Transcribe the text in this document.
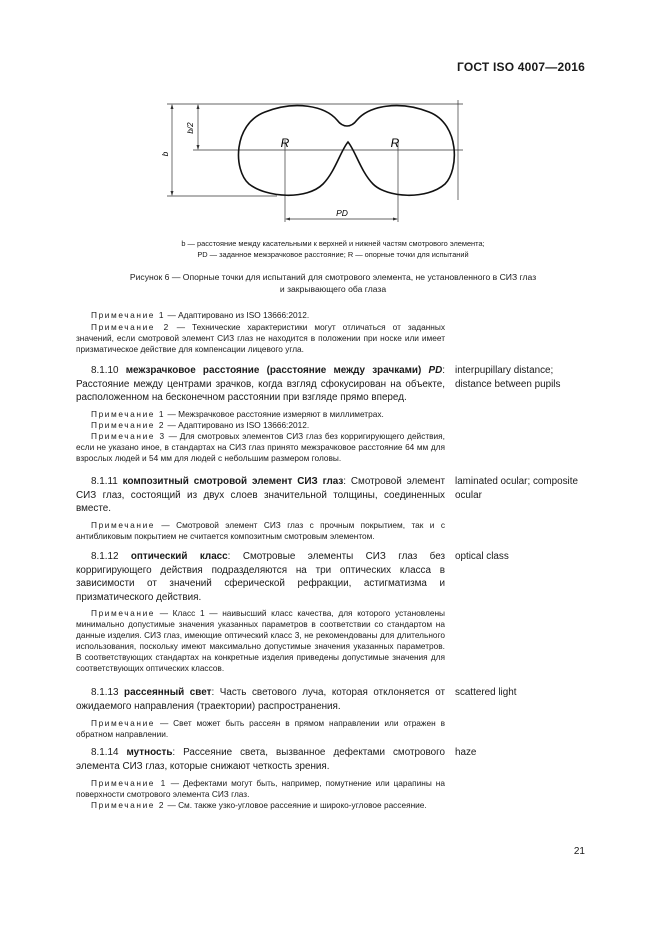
ГОСТ ISO 4007—2016
b
b/2
R	R
PD
b — расстояние между касательными к верхней и нижней частям смотрового элемента;
PD — заданное межзрачковое расстояние; R — опорные точки для испытаний
Рисунок 6 — Опорные точки для испытаний для смотрового элемента, не установленного в СИЗ глаз
и закрывающего оба глаза
Примечание 1 — Адаптировано из ISO 13666:2012.
Примечание 2 — Технические характеристики могут отличаться от заданных значений, если смотровой элемент СИЗ глаз не находится в положении при носке или имеет призматическое действие для компенсации лицевого угла.
8.1.10 межзрачковое расстояние (расстояние между зрачками) PD: Расстояние между центрами зрачков, когда взгляд сфокусирован на объекте, расположенном на бесконечном расстоянии при взгляде прямо вперед.
interpupillary distance; distance between pupils
Примечание 1 — Межзрачковое расстояние измеряют в миллиметрах.
Примечание 2 — Адаптировано из ISO 13666:2012.
Примечание 3 — Для смотровых элементов СИЗ глаз без корригирующего действия, если не указано иное, в стандартах на СИЗ глаз принято межзрачковое расстояние 64 мм для взрослых людей и 54 мм для людей с небольшим размером головы.
8.1.11 композитный смотровой элемент СИЗ глаз: Смотровой элемент СИЗ глаз, состоящий из двух слоев значительной толщины, соединенных вместе.
laminated ocular; composite ocular
Примечание — Смотровой элемент СИЗ глаз с прочным покрытием, так и с антибликовым покрытием не считается композитным смотровым элементом.
8.1.12 оптический класс: Смотровые элементы СИЗ глаз без корригирующего действия подразделяются на три оптических класса в зависимости от значений сферической рефракции, астигматизма и призматического действия.
optical class
Примечание — Класс 1 — наивысший класс качества, для которого установлены минимально допустимые значения указанных параметров в соответствии со стандартом на данные изделия. СИЗ глаз, имеющие оптический класс 3, не рекомендованы для длительного использования, поскольку имеют максимально допустимые значения указанных параметров. В соответствующих стандартах на конкретные изделия приведены допустимые значения для соответствующих оптических классов.
8.1.13 рассеянный свет: Часть светового луча, которая отклоняется от ожидаемого направления (траектории) распространения.
scattered light
Примечание — Свет может быть рассеян в прямом направлении или отражен в обратном направлении.
8.1.14 мутность: Рассеяние света, вызванное дефектами смотрового элемента СИЗ глаз, которые снижают четкость зрения.
haze
Примечание 1 — Дефектами могут быть, например, помутнение или царапины на поверхности смотрового элемента СИЗ глаз.
Примечание 2 — См. также узко-угловое рассеяние и широко-угловое рассеяние.
21
